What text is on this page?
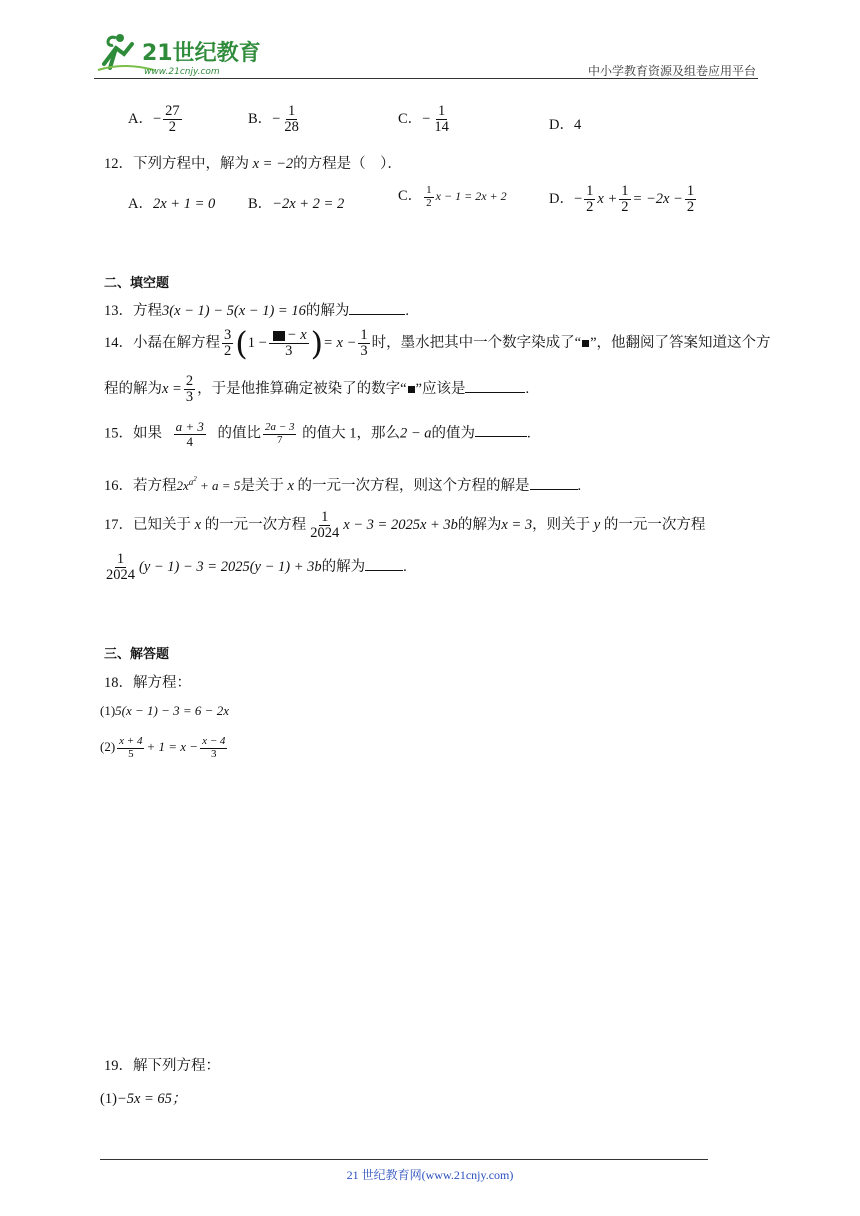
21世纪教育
www.21cnjy.com	中小学教育资源及组卷应用平台
A．− $\frac{27}{2}$	B．− $\frac{1}{28}$	C．− $\frac{1}{14}$	D．4
12．下列方程中，解为 x = −2的方程是（　）．
A．2x + 1 = 0 B．−2x + 2 = 2	C． $\frac{1}{2}$ x − 1 = 2x + 2	D．− $\frac{1}{2}$ $x + \frac{1}{2} = -2x - \frac{1}{2}$
二、填空题
13．方程3(x − 1) − 5(x − 1) = 16的解为	.
14．小磊在解方程 $\frac{3}{2} (1 - \frac{- x}{3}$ )= $x - \frac{1}{3}$ 时，墨水把其中一个数字染成了“ ”，他翻阅了答案知道这个方
程的解为$x = \frac{2}{3}$ ，于是他推算确定被染了的数字“ ”应该是	.
15．如果 $\frac{a + 3}{4}$ 的值比 $\frac{2a - 3}{7}$ 的值大 1，那么2 − a的值为	.
16．若方程$2x^{a^2} + a = 5$是关于 x 的一元一次方程，则这个方程的解是	.
17．已知关于 x 的一元一次方程 $\frac{1}{2024}$ x − 3 = 2025x + 3b的解为x = 3，则关于 y 的一元一次方程
$\frac{1}{2024} (y - 1) - 3 = 2025(y - 1) + 3b$的解为	.
三、解答题
18．解方程：
(1)5(x − 1) − 3 = 6 − 2x
$(2) \frac{x + 4}{5} + 1 = x - \frac{x - 4}{3}$
19．解下列方程：
(1)−5x = 65；
21 世纪教育网(www.21cnjy.com)
